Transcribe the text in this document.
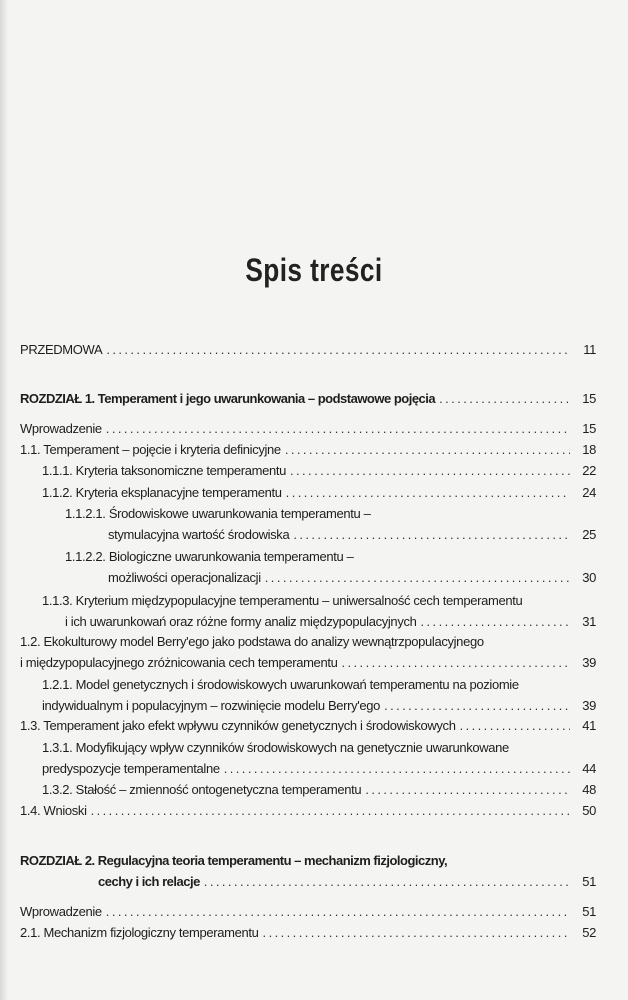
Spis treści
PRZEDMOWA . . .	11
ROZDZIAŁ 1. Temperament i jego uwarunkowania – podstawowe pojęcia . . .	15
Wprowadzenie . . .	15
1.1. Temperament – pojęcie i kryteria definicyjne . . .	18
1.1.1. Kryteria taksonomiczne temperamentu . . .	22
1.1.2. Kryteria eksplanacyjne temperamentu . . .	24
1.1.2.1. Środowiskowe uwarunkowania temperamentu –
stymulacyjna wartość środowiska . . .	25
1.1.2.2. Biologiczne uwarunkowania temperamentu –
możliwości operacjonalizacji . . .	30
1.1.3. Kryterium międzypopulacyjne temperamentu – uniwersalność cech temperamentu
i ich uwarunkowań oraz różne formy analiz międzypopulacyjnych . . .	31
1.2. Ekokulturowy model Berry'ego jako podstawa do analizy wewnątrzpopulacyjnego
i międzypopulacyjnego zróżnicowania cech temperamentu . . .	39
1.2.1. Model genetycznych i środowiskowych uwarunkowań temperamentu na poziomie
indywidualnym i populacyjnym – rozwinięcie modelu Berry'ego . . .	39
1.3. Temperament jako efekt wpływu czynników genetycznych i środowiskowych . . .	41
1.3.1. Modyfikujący wpływ czynników środowiskowych na genetycznie uwarunkowane
predyspozycje temperamentalne . . .	44
1.3.2. Stałość – zmienność ontogenetyczna temperamentu . . .	48
1.4. Wnioski . . .	50
ROZDZIAŁ 2. Regulacyjna teoria temperamentu – mechanizm fizjologiczny,
cechy i ich relacje . . .	51
Wprowadzenie . . .	51
2.1. Mechanizm fizjologiczny temperamentu . . .	52
